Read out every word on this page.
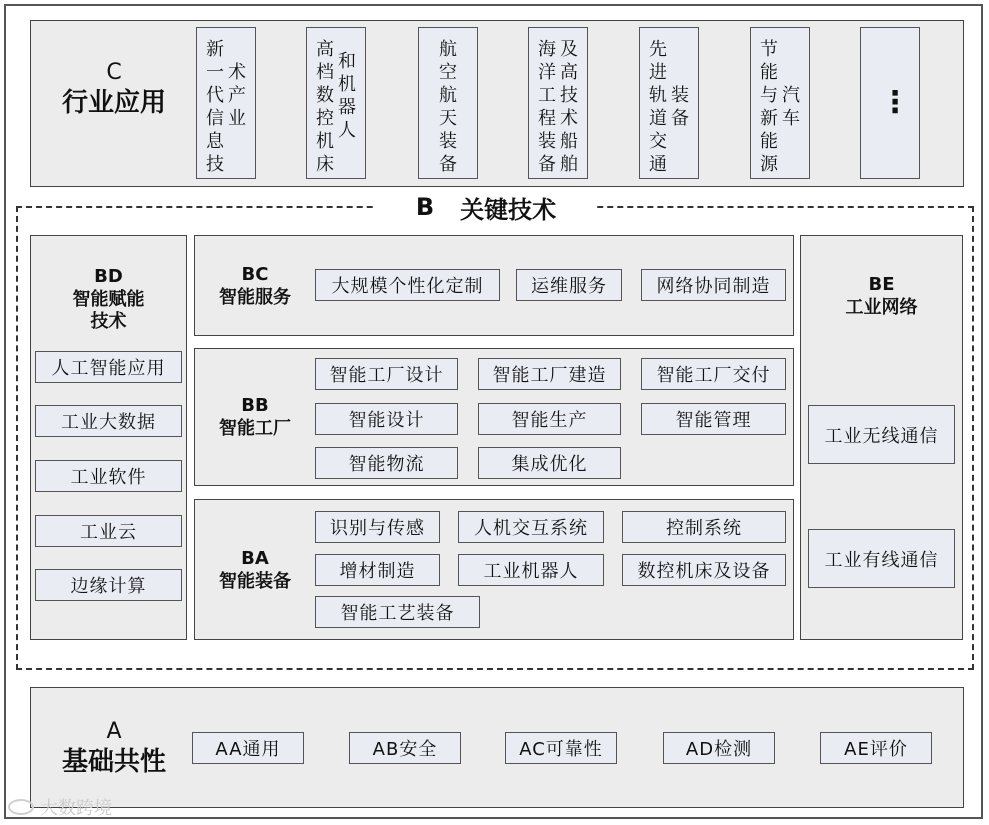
C
行业应用
新一代信息技
术产业
高档数控机床
和机器人
航空航天装备
海洋工程装备
及高技术船舶
先进轨道交通
装备
节能与新能源
汽车	⋮
B 关键技术
BD
智能赋能
技术
人工智能应用
工业大数据
工业软件
工业云
边缘计算
BC
智能服务	大规模个性化定制	运维服务	网络协同制造
BB
智能工厂
智能工厂设计	智能工厂建造	智能工厂交付
智能设计	智能生产	智能管理
智能物流	集成优化
BA
智能装备
识别与传感	人机交互系统	控制系统
增材制造	工业机器人	数控机床及设备
智能工艺装备
BE
工业网络
工业无线通信
工业有线通信
A
基础共性	AA通用	AB安全	AC可靠性	AD检测	AE评价
大数跨境
